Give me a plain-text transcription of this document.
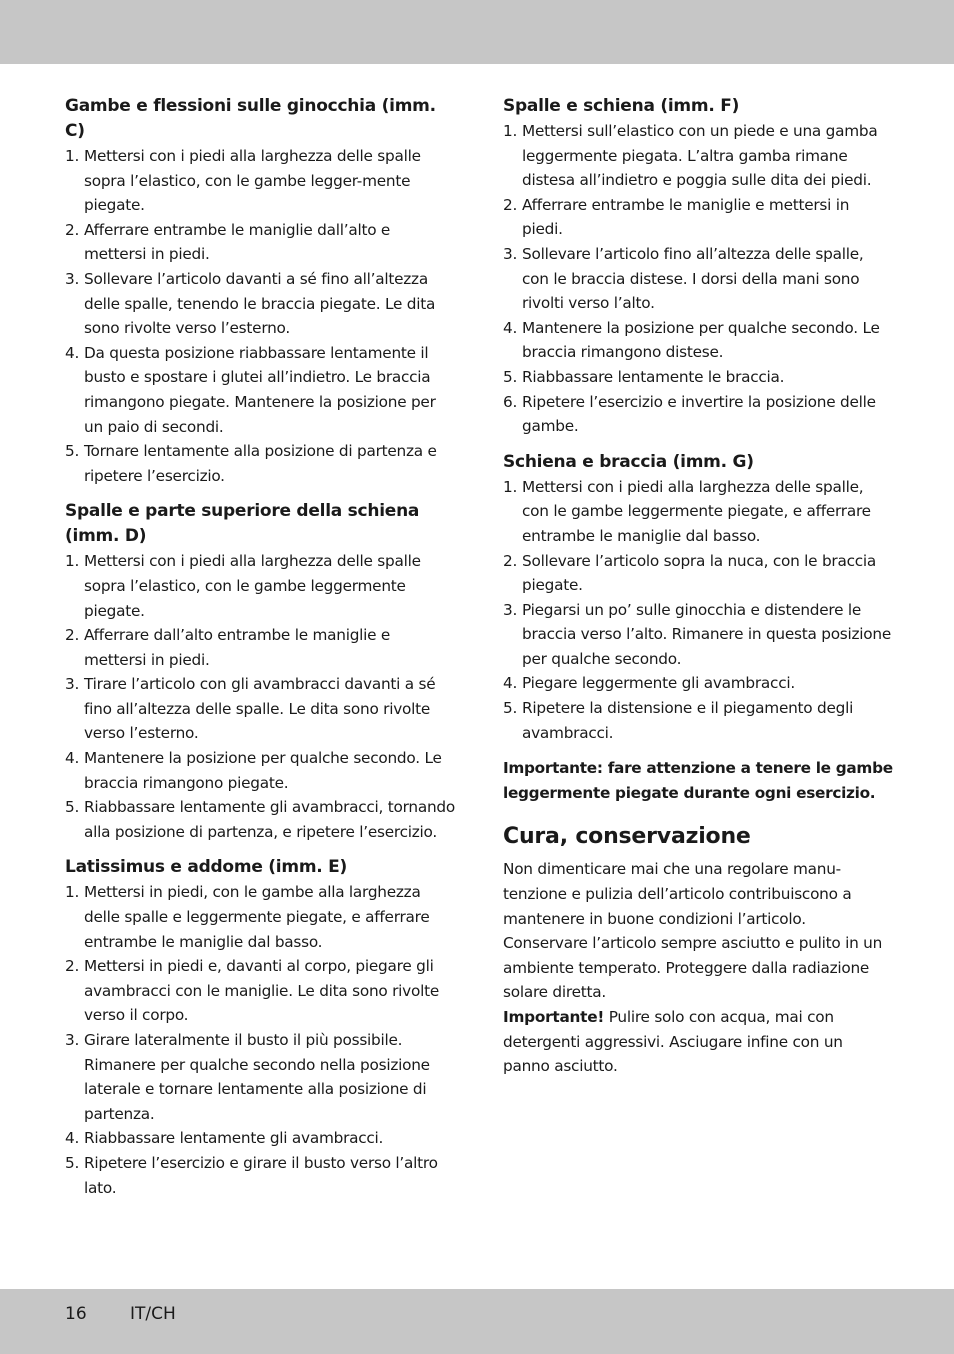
Gambe e flessioni sulle ginocchia (imm. C)
1. Mettersi con i piedi alla larghezza delle spalle sopra l’elastico, con le gambe legger-mente piegate.
2. Afferrare entrambe le maniglie dall’alto e mettersi in piedi.
3. Sollevare l’articolo davanti a sé fino all’altezza delle spalle, tenendo le braccia piegate. Le dita sono rivolte verso l’esterno.
4. Da questa posizione riabbassare lentamente il busto e spostare i glutei all’indietro. Le braccia rimangono piegate. Mantenere la posizione per un paio di secondi.
5. Tornare lentamente alla posizione di partenza e ripetere l’esercizio.
Spalle e parte superiore della schiena (imm. D)
1. Mettersi con i piedi alla larghezza delle spalle sopra l’elastico, con le gambe leggermente piegate.
2. Afferrare dall’alto entrambe le maniglie e mettersi in piedi.
3. Tirare l’articolo con gli avambracci davanti a sé fino all’altezza delle spalle. Le dita sono rivolte verso l’esterno.
4. Mantenere la posizione per qualche secondo. Le braccia rimangono piegate.
5. Riabbassare lentamente gli avambracci, tornando alla posizione di partenza, e ripetere l’esercizio.
Latissimus e addome (imm. E)
1. Mettersi in piedi, con le gambe alla larghezza delle spalle e leggermente piegate, e afferrare entrambe le maniglie dal basso.
2. Mettersi in piedi e, davanti al corpo, piegare gli avambracci con le maniglie. Le dita sono rivolte verso il corpo.
3. Girare lateralmente il busto il più possibile. Rimanere per qualche secondo nella posizione laterale e tornare lentamente alla posizione di partenza.
4. Riabbassare lentamente gli avambracci.
5. Ripetere l’esercizio e girare il busto verso l’altro lato.
Spalle e schiena (imm. F)
1. Mettersi sull’elastico con un piede e una gamba leggermente piegata. L’altra gamba rimane distesa all’indietro e poggia sulle dita dei piedi.
2. Afferrare entrambe le maniglie e mettersi in piedi.
3. Sollevare l’articolo fino all’altezza delle spalle, con le braccia distese. I dorsi della mani sono rivolti verso l’alto.
4. Mantenere la posizione per qualche secondo. Le braccia rimangono distese.
5. Riabbassare lentamente le braccia.
6. Ripetere l’esercizio e invertire la posizione delle gambe.
Schiena e braccia (imm. G)
1. Mettersi con i piedi alla larghezza delle spalle, con le gambe leggermente piegate, e afferrare entrambe le maniglie dal basso.
2. Sollevare l’articolo sopra la nuca, con le braccia piegate.
3. Piegarsi un po’ sulle ginocchia e distendere le braccia verso l’alto. Rimanere in questa posizione per qualche secondo.
4. Piegare leggermente gli avambracci.
5. Ripetere la distensione e il piegamento degli avambracci.

Importante: fare attenzione a tenere le gambe leggermente piegate durante ogni esercizio.

Cura, conservazione

Non dimenticare mai che una regolare manu-tenzione e pulizia dell’articolo contribuiscono a mantenere in buone condizioni l’articolo. Conservare l’articolo sempre asciutto e pulito in un ambiente temperato. Proteggere dalla radiazione solare diretta.

Importante! Pulire solo con acqua, mai con detergenti aggressivi. Asciugare infine con un panno asciutto.

16	IT/CH
